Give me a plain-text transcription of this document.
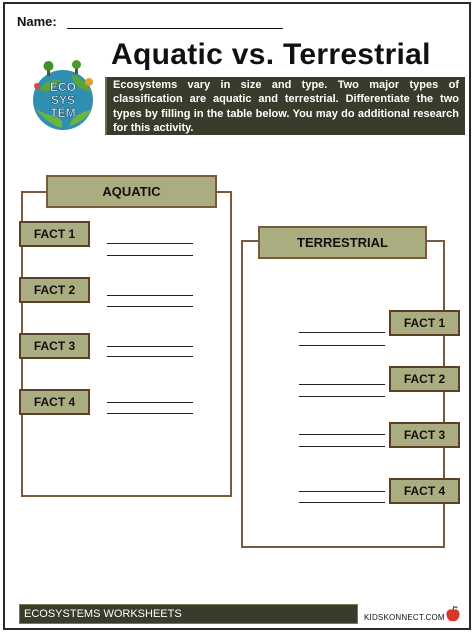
Name:
ECO
SYS
TEM
Aquatic vs. Terrestrial
Ecosystems vary in size and type. Two major types of classification are aquatic and terrestrial. Differentiate the two types by filling in the table below. You may do additional research for this activity.
AQUATIC
FACT 1
FACT 2
FACT 3
FACT 4
TERRESTRIAL
FACT 1
FACT 2
FACT 3
FACT 4
ECOSYSTEMS WORKSHEETS	KIDSKONNECT.COM
